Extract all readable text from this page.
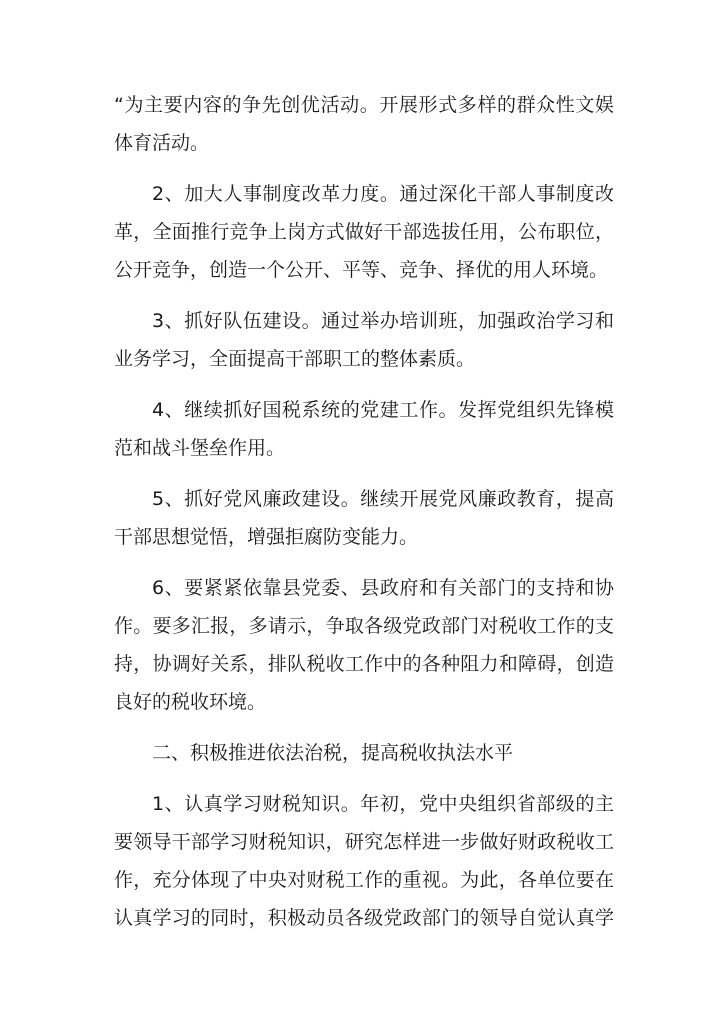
“为主要内容的争先创优活动。开展形式多样的群众性文娱
体育活动。
2、加大人事制度改革力度。通过深化干部人事制度改
革，全面推行竞争上岗方式做好干部选拔任用，公布职位，
公开竞争，创造一个公开、平等、竞争、择优的用人环境。
3、抓好队伍建设。通过举办培训班，加强政治学习和
业务学习，全面提高干部职工的整体素质。
4、继续抓好国税系统的党建工作。发挥党组织先锋模
范和战斗堡垒作用。
5、抓好党风廉政建设。继续开展党风廉政教育，提高
干部思想觉悟，增强拒腐防变能力。
6、要紧紧依靠县党委、县政府和有关部门的支持和协
作。要多汇报，多请示，争取各级党政部门对税收工作的支
持，协调好关系，排队税收工作中的各种阻力和障碍，创造
良好的税收环境。
二、积极推进依法治税，提高税收执法水平
1、认真学习财税知识。年初，党中央组织省部级的主
要领导干部学习财税知识，研究怎样进一步做好财政税收工
作，充分体现了中央对财税工作的重视。为此，各单位要在
认真学习的同时，积极动员各级党政部门的领导自觉认真学
